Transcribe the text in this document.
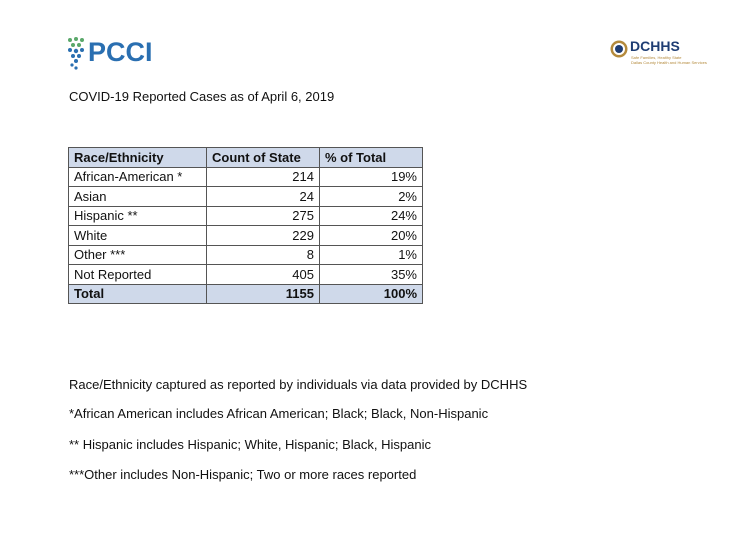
PCCI	DCHHS
Safe Families, Healthy State
Dallas County Health and Human Services
COVID-19 Reported Cases as of April 6, 2019
Race/Ethnicity	Count of State	% of Total
African-American *	214	19%
Asian	24	2%
Hispanic **	275	24%
White	229	20%
Other ***	8	1%
Not Reported	405	35%
Total	1155	100%
Race/Ethnicity captured as reported by individuals via data provided by DCHHS
*African American includes African American; Black; Black, Non-Hispanic
** Hispanic includes Hispanic; White, Hispanic; Black, Hispanic
***Other includes Non-Hispanic; Two or more races reported
